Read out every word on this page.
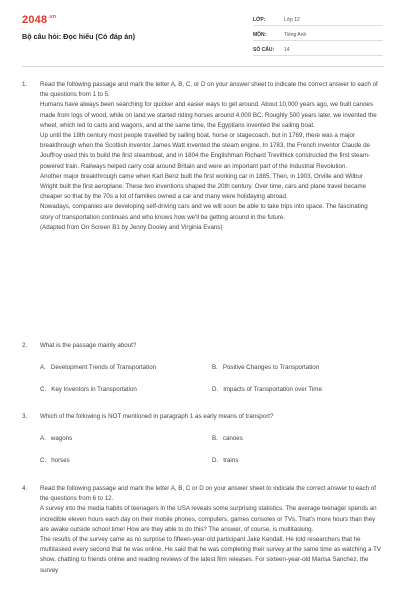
$2048^{.vn}$
Bộ câu hỏi: Đọc hiểu (Có đáp án)
LỚP:	Lớp 12
MÔN:	Tiếng Anh
SỐ CÂU: 14
1. Read the following passage and mark the letter A, B, C, or D on your answer sheet to indicate the correct answer to each of the questions from 1 to 5.

Humans have always been searching for quicker and easier ways to get around. About 10,000 years ago, we built canoes made from logs of wood, while on land we started riding horses around 4.000 BC. Roughly 500 years later, we invented the wheel, which led to carts and wagons, and at the same time, the Egyptians invented the sailing boat.

Up until the 18th century most people travelled by sailing boat, horse or stagecoach, but in 1769, there was a major breakthrough when the Scottish inventor James Watt invented the steam engine. In 1783, the French inventor Claude de Jouffroy used this to build the first steamboat, and in 1804 the Englishman Richard Trevithick constructed the first steam-powered train. Railways helped carry coal around Britain and were an important part of the Industrial Revolution.

Another major breakthrough came when Karl Benz built the first working car in 1885. Then, in 1903, Orville and Wilbur Wright built the first aeroplane. These two inventions shaped the 20th century. Over time, cars and plane travel became cheaper so that by the 70s a lot of families owned a car and many were holidaying abroad.

Nowadays, companies are developing self-driving cars and we will soon be able to take trips into space. The fascinating story of transportation continues and who knows how we'll be getting around in the future.

(Adapted from On Screen B1 by Jenny Dooley and Virginia Evans)

2. What is the passage mainly about?

A. Development Trends of Transportation	B. Positive Changes to Transportation
C. Key Inventors in Transportation	D. Impacts of Transportation over Time
3. Which of the following is NOT mentioned in paragraph 1 as early means of transport?

A. wagons	B. canoes
C. horses	D. trains
4. Read the following passage and mark the letter A, B, C or D on your answer sheet to indicate the correct answer to each of the questions from 6 to 12.

A survey into the media habits of teenagers in the USA reveals some surprising statistics. The average teenager spends an incredible eleven hours each day on their mobile phones, computers, games consoles or TVs. That's more hours than they are awake outside school time! How are they able to do this? The answer, of course, is multitasking.

The results of the survey came as no surprise to fifteen-year-old participant Jake Kendall. He told researchers that he multitasked every second that he was online. He said that he was completing their survey at the same time as watching a TV show, chatting to friends online and reading reviews of the latest film releases. For sixteen-year-old Marisa Sanchez, the survey
